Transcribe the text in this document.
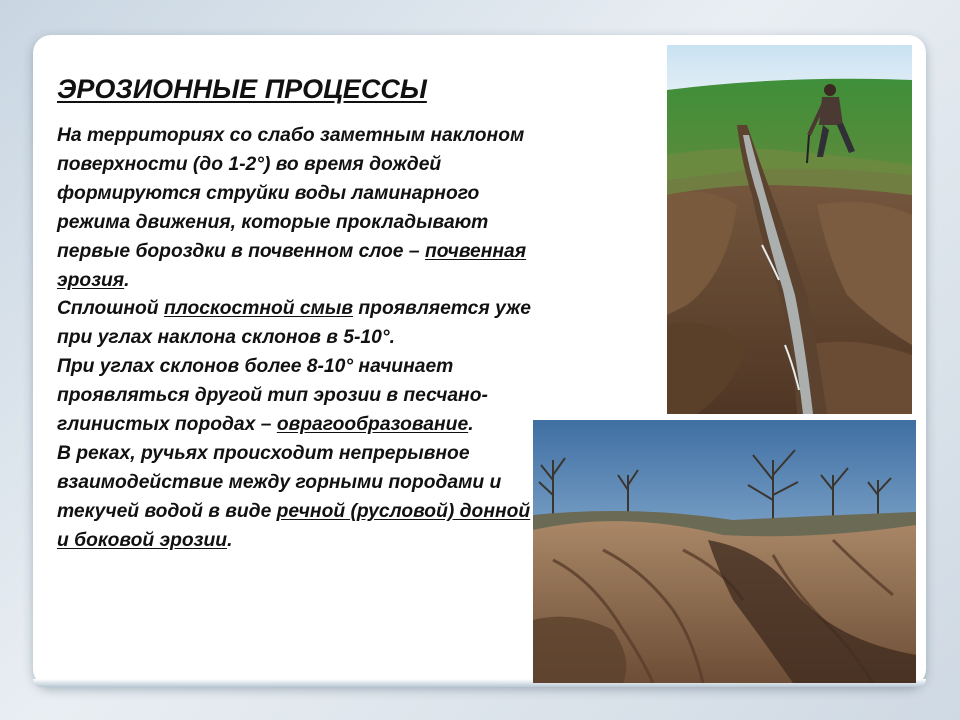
ЭРОЗИОННЫЕ ПРОЦЕССЫ

На территориях со слабо заметным наклоном поверхности (до 1-2°) во время дождей формируются струйки воды ламинарного режима движения, которые прокладывают первые бороздки в почвенном слое – почвенная эрозия.

Сплошной плоскостной смыв проявляется уже при углах наклона склонов в 5-10°.

При углах склонов более 8-10° начинает проявляться другой тип эрозии в песчано-глинистых породах – оврагообразование.

В реках, ручьях происходит непрерывное взаимодействие между горными породами и текучей водой в виде речной (русловой) донной и боковой эрозии.
